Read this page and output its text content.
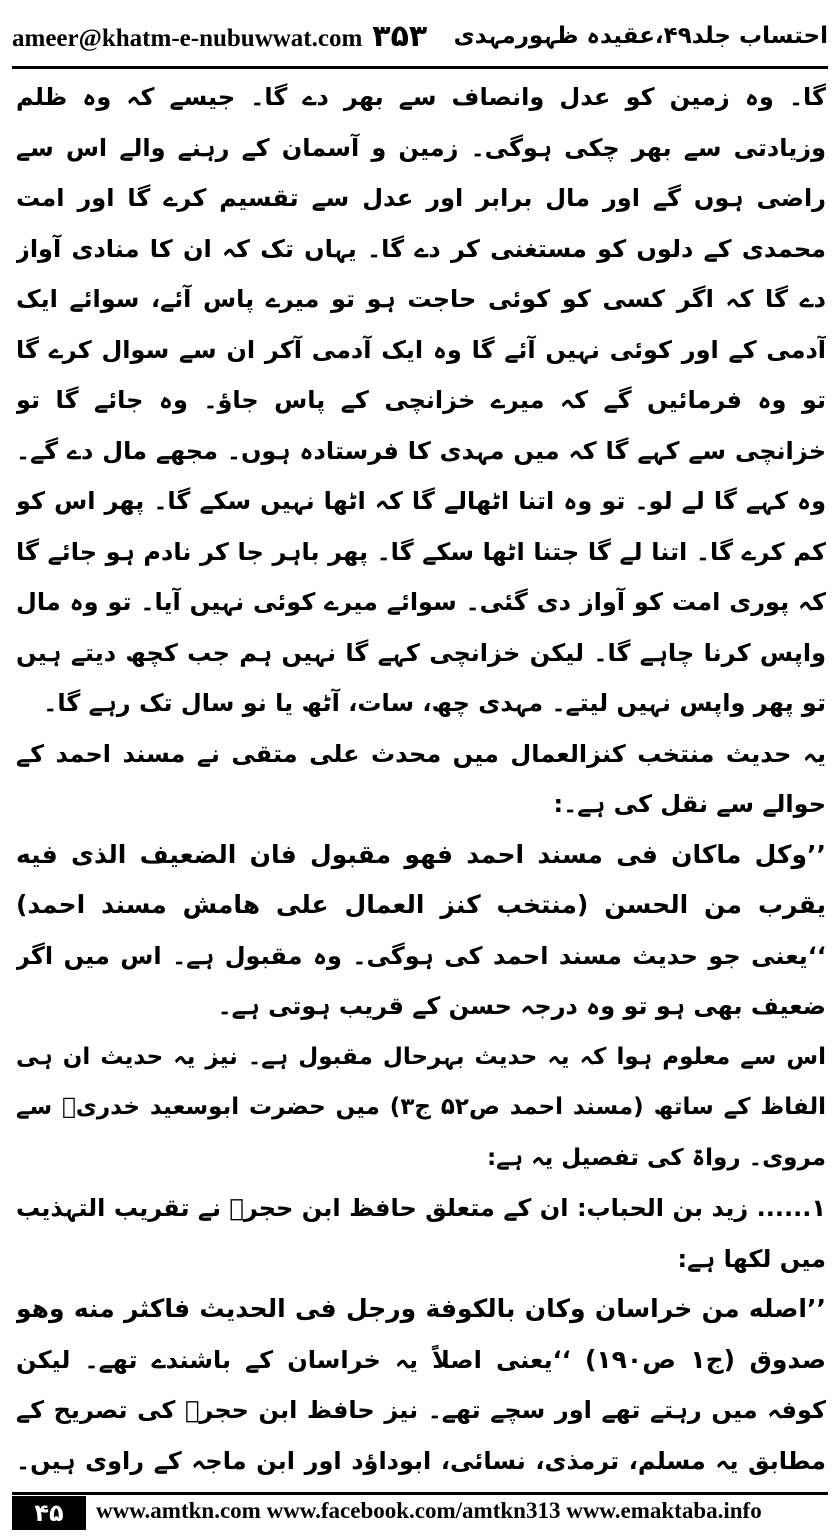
ameer@khatm-e-nubuwwat.com ۳۵۳ احتساب جلد۴۹،عقیدہ ظہورمہدی

گا۔ وہ زمین کو عدل وانصاف سے بھر دے گا۔ جیسے کہ وہ ظلم وزیادتی سے بھر چکی ہوگی۔ زمین و آسمان کے رہنے والے اس سے راضی ہوں گے اور مال برابر اور عدل سے تقسیم کرے گا اور امت محمدی کے دلوں کو مستغنی کر دے گا۔ یہاں تک کہ ان کا منادی آواز دے گا کہ اگر کسی کو کوئی حاجت ہو تو میرے پاس آئے، سوائے ایک آدمی کے اور کوئی نہیں آئے گا وہ ایک آدمی آکر ان سے سوال کرے گا تو وہ فرمائیں گے کہ میرے خزانچی کے پاس جاؤ۔ وہ جائے گا تو خزانچی سے کہے گا کہ میں مہدی کا فرستادہ ہوں۔ مجھے مال دے گے۔ وہ کہے گا لے لو۔ تو وہ اتنا اٹھالے گا کہ اٹھا نہیں سکے گا۔ پھر اس کو کم کرے گا۔ اتنا لے گا جتنا اٹھا سکے گا۔ پھر باہر جا کر نادم ہو جائے گا کہ پوری امت کو آواز دی گئی۔ سوائے میرے کوئی نہیں آیا۔ تو وہ مال واپس کرنا چاہے گا۔ لیکن خزانچی کہے گا نہیں ہم جب کچھ دیتے ہیں تو پھر واپس نہیں لیتے۔ مہدی چھ، سات، آٹھ یا نو سال تک رہے گا۔

یہ حدیث منتخب کنزالعمال میں محدث علی متقی نے مسند احمد کے حوالے سے نقل کی ہے۔:

’’وکل ماکان فی مسند احمد فهو مقبول فان الضعیف الذی فیه یقرب من الحسن (منتخب کنز العمال علی هامش مسند احمد) ‘‘یعنی جو حدیث مسند احمد کی ہوگی۔ وہ مقبول ہے۔ اس میں اگر ضعیف بھی ہو تو وہ درجہ حسن کے قریب ہوتی ہے۔

اس سے معلوم ہوا کہ یہ حدیث بہرحال مقبول ہے۔ نیز یہ حدیث ان ہی الفاظ کے ساتھ (مسند احمد ص۵۲ ج۳) میں حضرت ابوسعید خدریؓ سے مروی۔ رواۃ کی تفصیل یہ ہے:

۱...... زید بن الحباب: ان کے متعلق حافظ ابن حجرؒ نے تقریب التہذیب میں لکھا ہے:

’’اصله من خراسان وکان بالکوفة ورجل فی الحدیث فاکثر منه وهو صدوق (ج۱ ص۱۹۰) ‘‘یعنی اصلاً یہ خراسان کے باشندے تھے۔ لیکن کوفہ میں رہتے تھے اور سچے تھے۔ نیز حافظ ابن حجرؒ کی تصریح کے مطابق یہ مسلم، ترمذی، نسائی، ابوداؤد اور ابن ماجہ کے راوی ہیں۔

۴۵	www.amtkn.com www.facebook.com/amtkn313 www.emaktaba.info
